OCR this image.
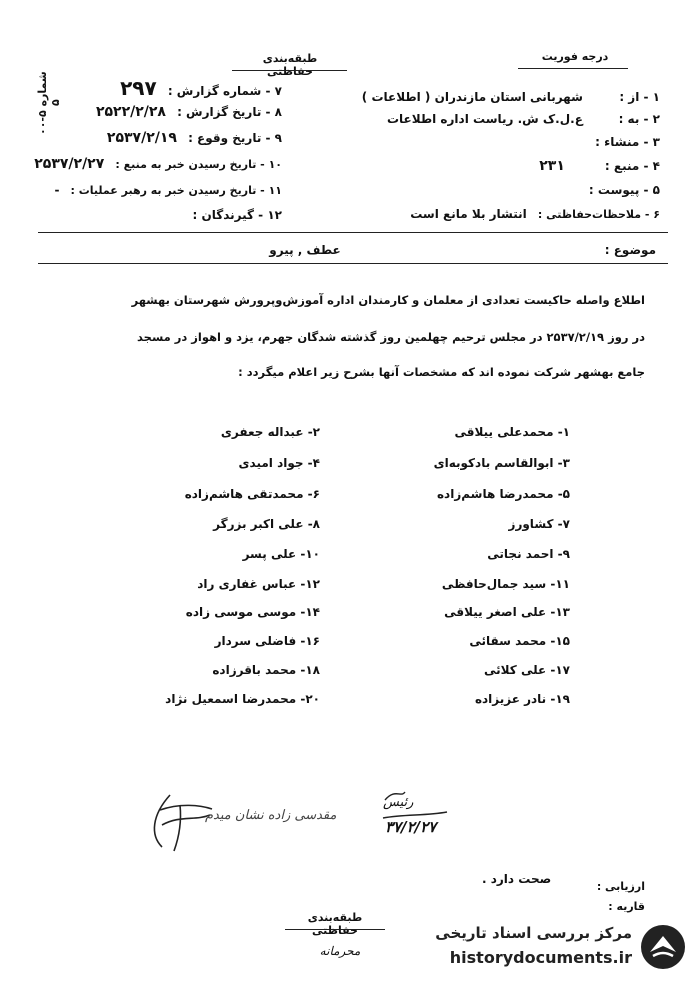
طبقه‌بندی حفاظتی
درجه فوریت
شماره ۵-۰۰ ۵
۷ - شماره گزارش : ۲۹۷
۸ - تاریخ گزارش : ۲۵۲۲/۲/۲۸
۹ - تاریخ وقوع : ۲۵۳۷/۲/۱۹
۱۰ - تاریخ رسیدن خبر به منبع : ۲۵۳۷/۲/۲۷
۱۱ - تاریخ رسیدن خبر به رهبر عملیات : -
۱۲ - گیرندگان :
۱ - از : شهربانی استان مازندران ( اطلاعات )
۲ - به : ع.ل.ک ش. ریاست اداره اطلاعات
۳ - منشاء :
۴ - منبع : ۲۳۱
۵ - پیوست :
۶ - ملاحظات‌حفاظتی : انتشار بلا مانع است
موضوع :
عطف , پیرو
اطلاع واصله حاکیست تعدادی از معلمان و کارمندان اداره آموزش‌وپرورش شهرستان بهشهر
در روز ۲۵۳۷/۲/۱۹ در مجلس ترحیم چهلمین روز گذشته شدگان جهرم، یزد و اهواز در مسجد
جامع بهشهر شرکت نموده اند که مشخصات آنها بشرح زیر اعلام میگردد :
۱- محمدعلی ییلاقی
۳- ابوالقاسم بادکوبه‌ای
۵- محمدرضا هاشم‌زاده
۷- کشاورز
۹- احمد نجاتی
۱۱- سید جمال‌حافظی
۱۳- علی اصغر ییلاقی
۱۵- محمد سقائی
۱۷- علی کلائی
۱۹- نادر عزیزاده
۲- عبداله جعفری
۴- جواد امیدی
۶- محمدتقی هاشم‌زاده
۸- علی اکبر بزرگر
۱۰- علی پسر
۱۲- عباس غفاری راد
۱۴- موسی موسی زاده
۱۶- فاضلی سردار
۱۸- محمد باقرزاده
۲۰- محمدرضا اسمعیل نژاد
مقدسی زاده نشان میدم
رئیس
۳۷/۲/۲۷
صحت دارد .
ارزیابی :
قاریه :
طبقه‌بندی حفاظتی
محرمانه
مرکز بررسی اسناد تاریخی
historydocuments.ir
